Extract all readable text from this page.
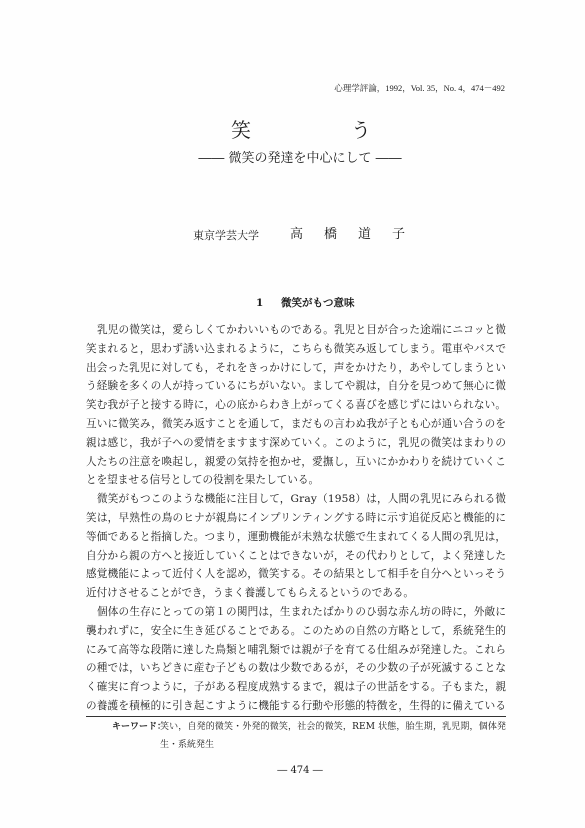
心理学評論，1992，Vol. 35，No. 4，474－492
笑う
―― 微笑の発達を中心にして ――
東京学芸大学 高　橋　道　子
1 微笑がもつ意味
乳児の微笑は，愛らしくてかわいいものである。乳児と目が合った途端にニコッと微
笑まれると，思わず誘い込まれるように，こちらも微笑み返してしまう。電車やバスで
出会った乳児に対しても，それをきっかけにして，声をかけたり，あやしてしまうとい
う経験を多くの人が持っているにちがいない。ましてや親は，自分を見つめて無心に微
笑む我が子と接する時に，心の底からわき上がってくる喜びを感じずにはいられない。
互いに微笑み，微笑み返すことを通して，まだもの言わぬ我が子とも心が通い合うのを
親は感じ，我が子への愛情をますます深めていく。このように，乳児の微笑はまわりの
人たちの注意を喚起し，親愛の気持を抱かせ，愛撫し，互いにかかわりを続けていくこ
とを望ませる信号としての役割を果たしている。
微笑がもつこのような機能に注目して，Gray（1958）は，人間の乳児にみられる微
笑は，早熟性の鳥のヒナが親鳥にインプリンティングする時に示す追従反応と機能的に
等価であると指摘した。つまり，運動機能が未熟な状態で生まれてくる人間の乳児は，
自分から親の方へと接近していくことはできないが，その代わりとして，よく発達した
感覚機能によって近付く人を認め，微笑する。その結果として相手を自分へといっそう
近付けさせることができ，うまく養護してもらえるというのである。
個体の生存にとっての第１の関門は，生まれたばかりのひ弱な赤ん坊の時に，外敵に
襲われずに，安全に生き延びることである。このための自然の方略として，系統発生的
にみて高等な段階に達した鳥類と哺乳類では親が子を育てる仕組みが発達した。これら
の種では，いちどきに産む子どもの数は少数であるが，その少数の子が死滅することな
く確実に育つように，子がある程度成熟するまで，親は子の世話をする。子もまた，親
の養護を積極的に引き起こすように機能する行動や形態的特徴を，生得的に備えている
キーワード：
笑い，自発的微笑・外発的微笑，社会的微笑，REM 状態，胎生期，乳児期，個体発
生・系統発生
― 474 ―
